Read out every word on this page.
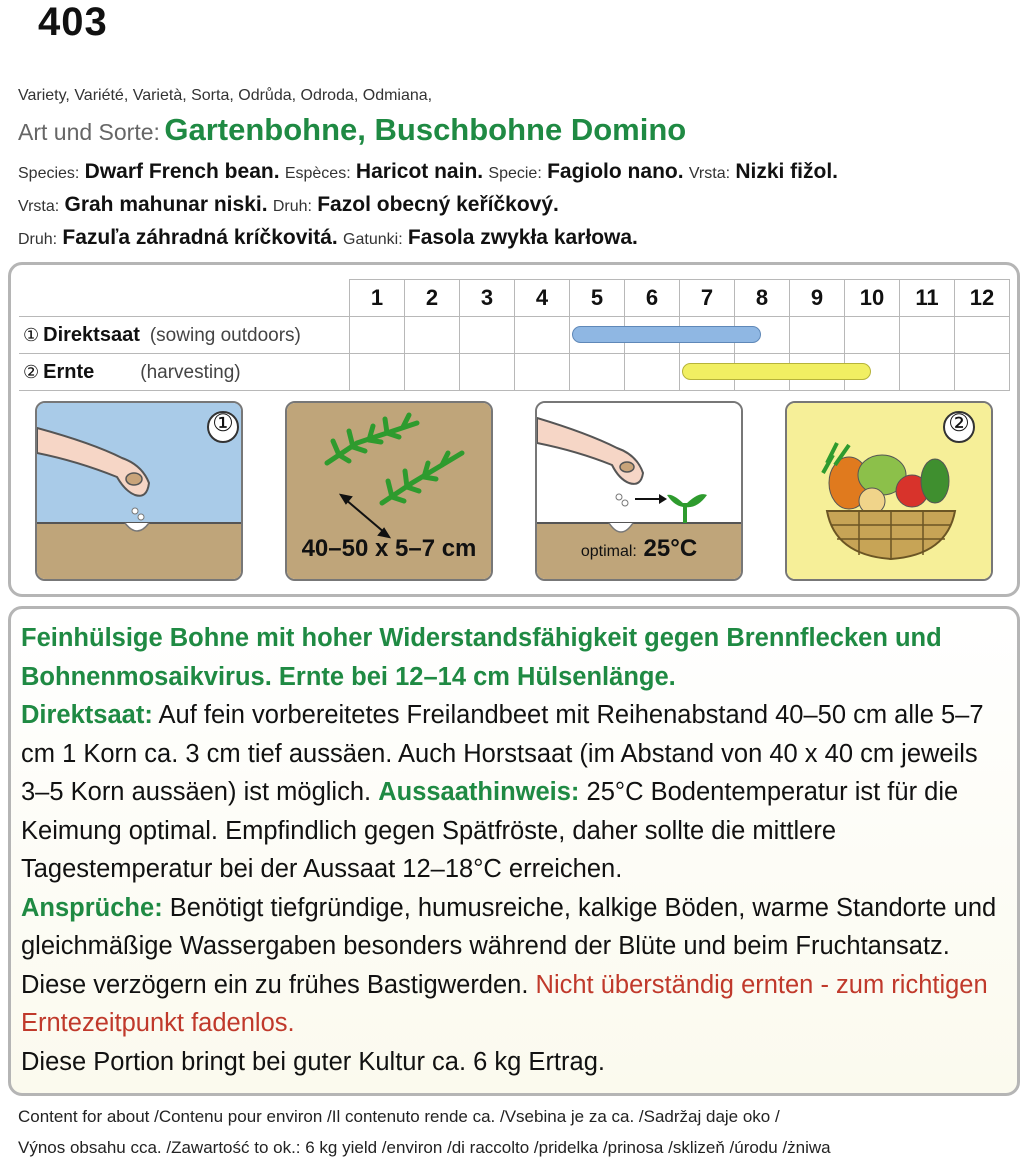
403
Variety, Variété, Varietà, Sorta, Odrůda, Odroda, Odmiana,
Art und Sorte: Gartenbohne, Buschbohne Domino
Species: Dwarf French bean. Espèces: Haricot nain. Specie: Fagiolo nano. Vrsta: Nizki fižol.
Vrsta: Grah mahunar niski. Druh: Fazol obecný keříčkový.
Druh: Fazuľa záhradná kríčkovitá. Gatunki: Fasola zwykła karłowa.
	1	2	3	4	5	6	7	8	9	10	11	12
① Direktsaat (sowing outdoors)	

② Ernte (harvesting)	

①
40–50 x 5–7 cm	optimal: 25°C
②

Feinhülsige Bohne mit hoher Widerstandsfähigkeit gegen Brennflecken und Bohnenmosaikvirus. Ernte bei 12–14 cm Hülsenlänge.

Direktsaat: Auf fein vorbereitetes Freilandbeet mit Reihenabstand 40–50 cm alle 5–7 cm 1 Korn ca. 3 cm tief aussäen. Auch Horstsaat (im Abstand von 40 x 40 cm jeweils 3–5 Korn aussäen) ist möglich. Aussaathinweis: 25°C Bodentemperatur ist für die Keimung optimal. Empfindlich gegen Spätfröste, daher sollte die mittlere Tagestemperatur bei der Aussaat 12–18°C erreichen.

Ansprüche: Benötigt tiefgründige, humusreiche, kalkige Böden, warme Standorte und gleichmäßige Wassergaben besonders während der Blüte und beim Fruchtansatz. Diese verzögern ein zu frühes Bastigwerden. Nicht überständig ernten - zum richtigen Erntezeitpunkt fadenlos.

Diese Portion bringt bei guter Kultur ca. 6 kg Ertrag.

Content for about /Contenu pour environ /Il contenuto rende ca. /Vsebina je za ca. /Sadržaj daje oko /
Výnos obsahu cca. /Zawartość to ok.: 6 kg yield /environ /di raccolto /pridelka /prinosa /sklizeň /úrodu /żniwa
